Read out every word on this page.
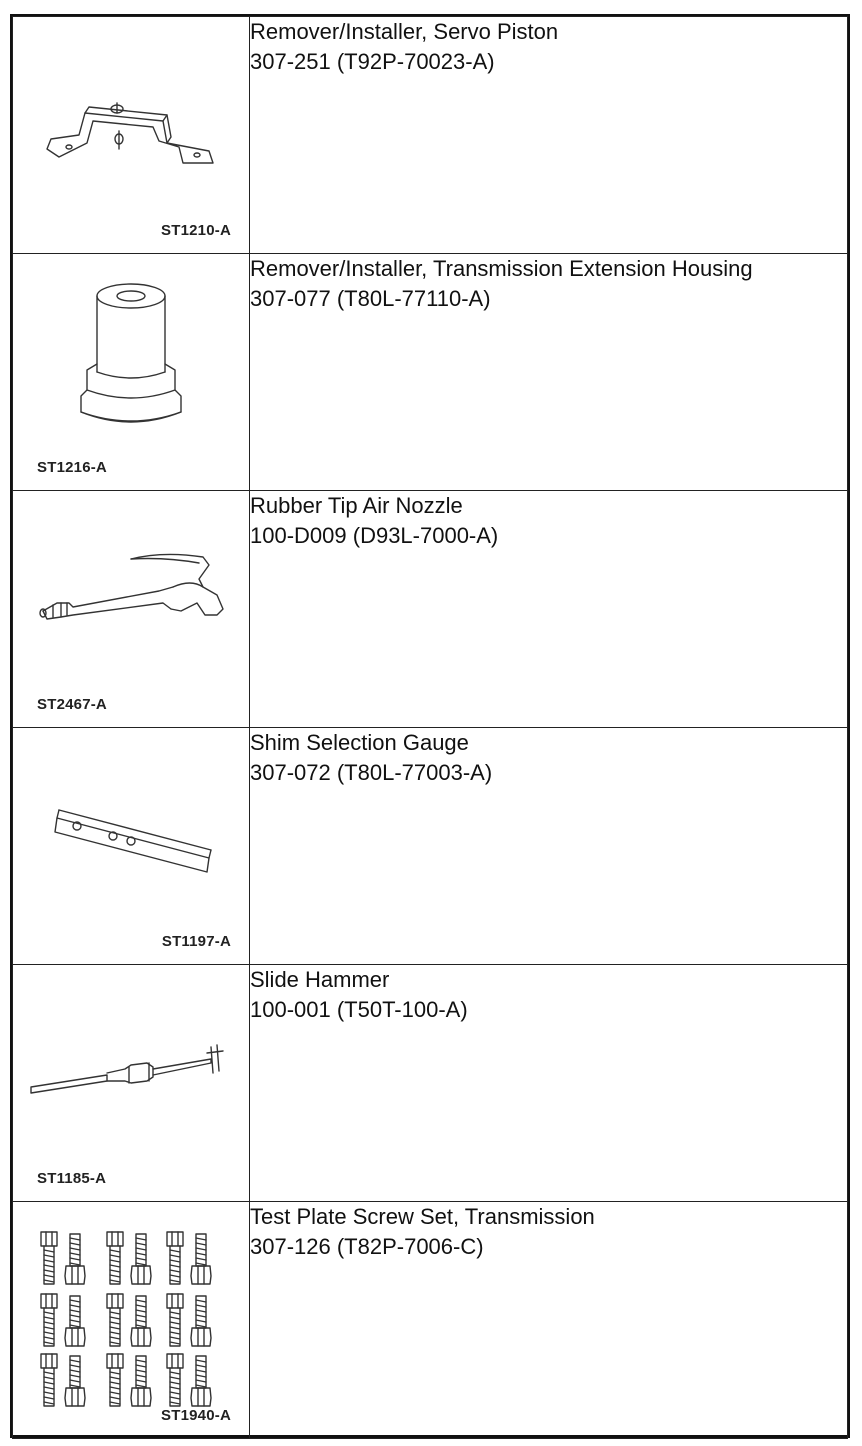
ST1210-A	Remover/Installer, Servo Piston
307-251 (T92P-70023-A)

ST1216-A	Remover/Installer, Transmission Extension Housing
307-077 (T80L-77110-A)

ST2467-A	Rubber Tip Air Nozzle
100-D009 (D93L-7000-A)

ST1197-A	Shim Selection Gauge
307-072 (T80L-77003-A)

ST1185-A	Slide Hammer
100-001 (T50T-100-A)

ST1940-A	Test Plate Screw Set, Transmission
307-126 (T82P-7006-C)
